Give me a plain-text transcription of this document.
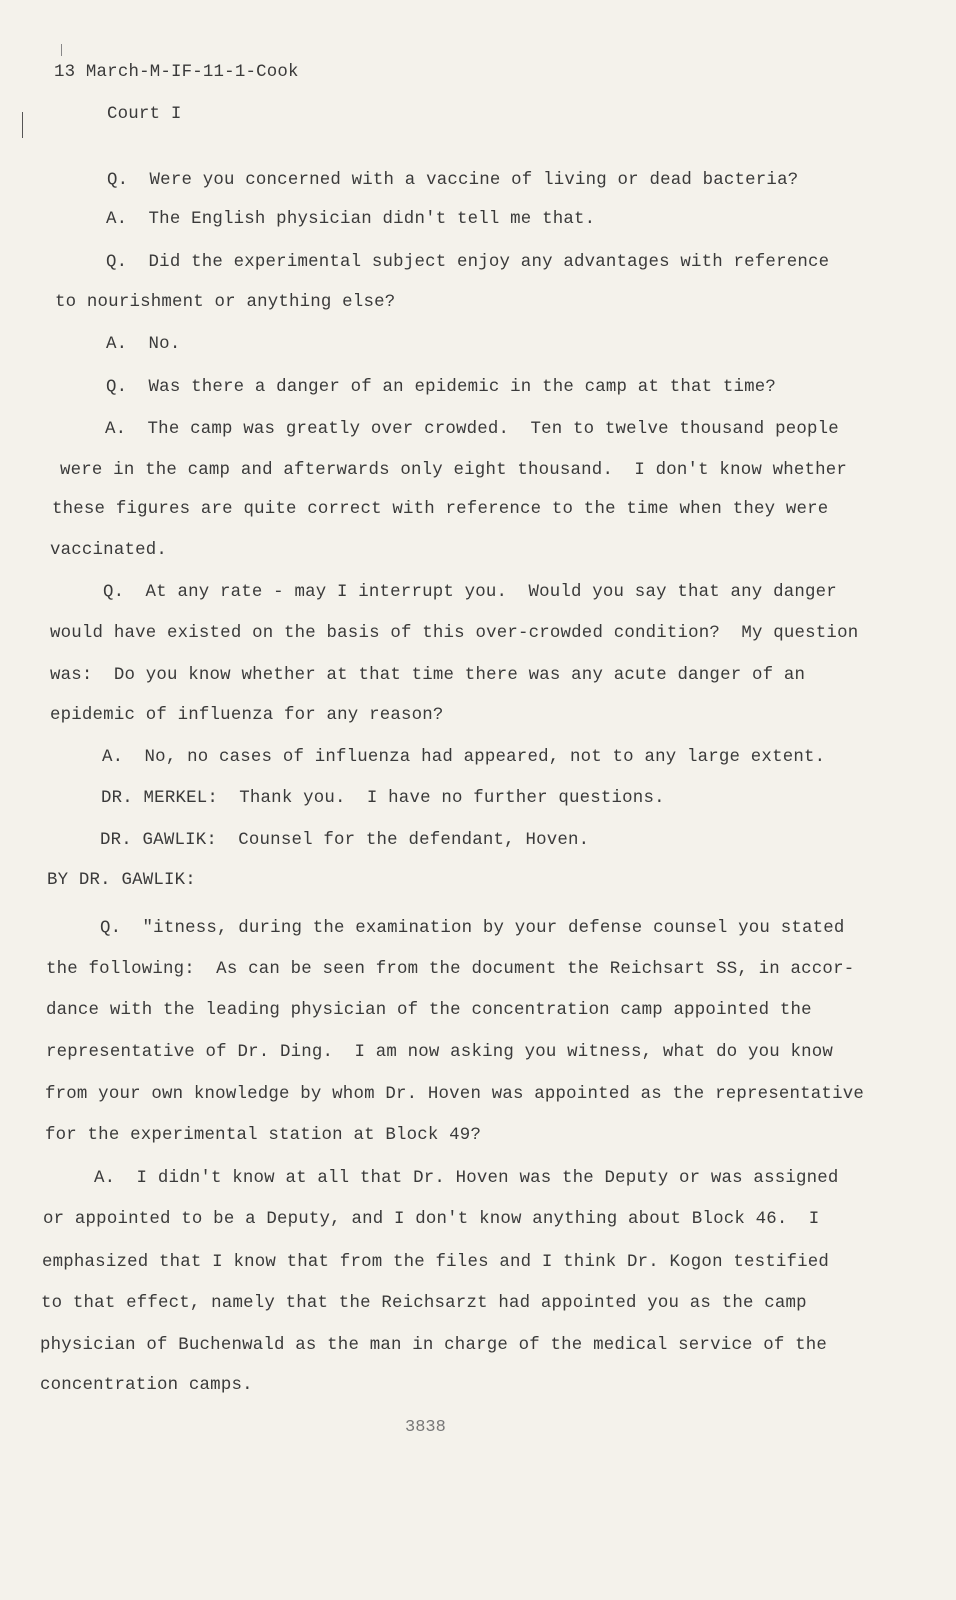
13 March-M-IF-11-1-Cook
Court I
Q.  Were you concerned with a vaccine of living or dead bacteria?
A.  The English physician didn't tell me that.
Q.  Did the experimental subject enjoy any advantages with reference
to nourishment or anything else?
A.  No.
Q.  Was there a danger of an epidemic in the camp at that time?
A.  The camp was greatly over crowded.  Ten to twelve thousand people
were in the camp and afterwards only eight thousand.  I don't know whether
these figures are quite correct with reference to the time when they were
vaccinated.
Q.  At any rate - may I interrupt you.  Would you say that any danger
would have existed on the basis of this over-crowded condition?  My question
was:  Do you know whether at that time there was any acute danger of an
epidemic of influenza for any reason?
A.  No, no cases of influenza had appeared, not to any large extent.
DR. MERKEL:  Thank you.  I have no further questions.
DR. GAWLIK:  Counsel for the defendant, Hoven.
BY DR. GAWLIK:
Q.  "itness, during the examination by your defense counsel you stated
the following:  As can be seen from the document the Reichsart SS, in accor-
dance with the leading physician of the concentration camp appointed the
representative of Dr. Ding.  I am now asking you witness, what do you know
from your own knowledge by whom Dr. Hoven was appointed as the representative
for the experimental station at Block 49?
A.  I didn't know at all that Dr. Hoven was the Deputy or was assigned
or appointed to be a Deputy, and I don't know anything about Block 46.  I
emphasized that I know that from the files and I think Dr. Kogon testified
to that effect, namely that the Reichsarzt had appointed you as the camp
physician of Buchenwald as the man in charge of the medical service of the
concentration camps.
3838
